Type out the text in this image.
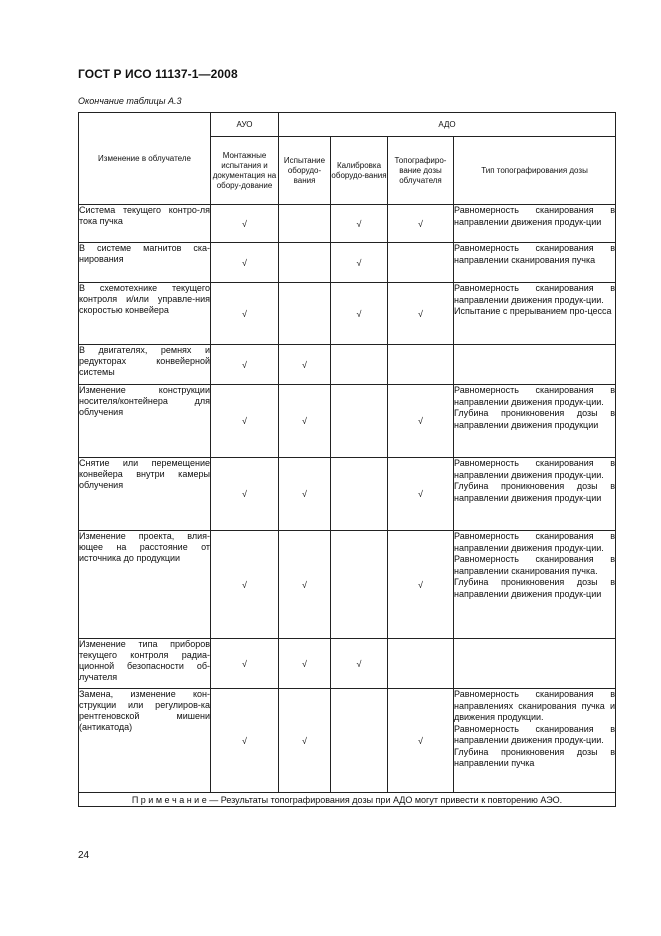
ГОСТ Р ИСО 11137-1—2008
Окончание таблицы А.3
Изменение в облучателе	АУО	АДО			
	Монтажные испытания и документация на обору-дование	Испытание оборудо-вания	Калибровка оборудо-вания	Топографиро-вание дозы облучателя	Тип топографирования дозы
Система текущего контро-ля тока пучка	√		√	√	Равномерность сканирования в направлении движения продук-ции

В системе магнитов ска-нирования	√		√		Равномерность сканирования в направлении сканирования пучка

В схемотехнике текущего контроля и/или управле-ния скоростью конвейера	√		√	√	Равномерность сканирования в направлении движения продук-ции.
Испытание с прерыванием про-цесса

В двигателях, ремнях и редукторах конвейерной системы	√	√			
Изменение конструкции носителя/контейнера для облучения	√	√		√	Равномерность сканирования в направлении движения продук-ции.
Глубина проникновения дозы в направлении движения продукции

Снятие или перемещение конвейера внутри камеры облучения	√	√		√	Равномерность сканирования в направлении движения продук-ции.
Глубина проникновения дозы в направлении движения продук-ции

Изменение проекта, влия-ющее на расстояние от источника до продукции	√	√		√	Равномерность сканирования в направлении движения продук-ции.
Равномерность сканирования в направлении сканирования пучка.
Глубина проникновения дозы в направлении движения продук-ции

Изменение типа приборов текущего контроля радиа-ционной безопасности об-лучателя	√	√	√		
Замена, изменение кон-струкции или регулиров-ка рентгеновской мишени (антикатода)	√	√		√	Равномерность сканирования в направлениях сканирования пучка и движения продукции.
Равномерность сканирования в направлении движения продук-ции.
Глубина проникновения дозы в направлении пучка

П р и м е ч а н и е — Результаты топографирования дозы при АДО могут привести к повторению АЭО.					
24
